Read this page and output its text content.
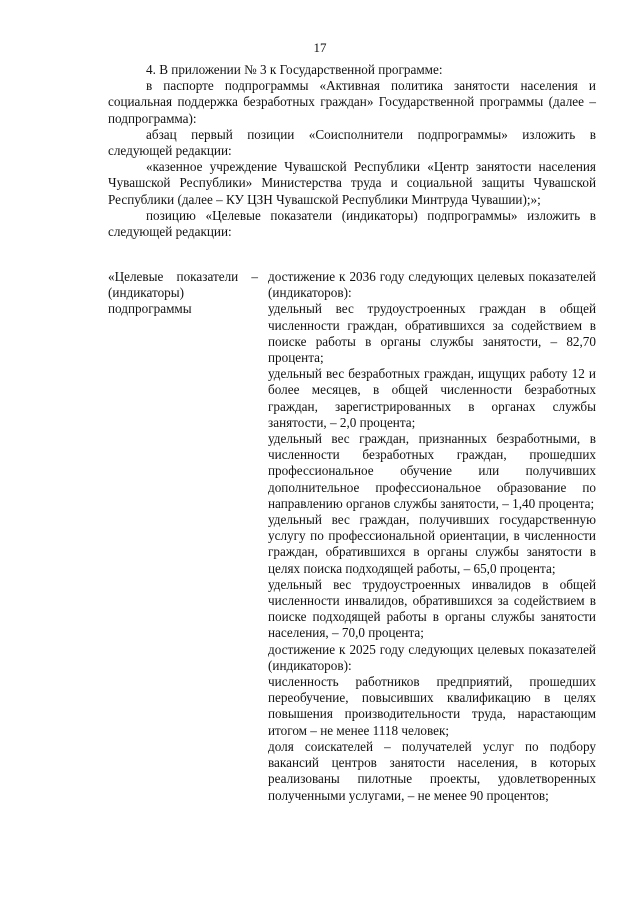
17

4. В приложении № 3 к Государственной программе:

в паспорте подпрограммы «Активная политика занятости населения и социальная поддержка безработных граждан» Государственной программы (далее – подпрограмма):

абзац первый позиции «Соисполнители подпрограммы» изложить в следующей редакции:

«казенное учреждение Чувашской Республики «Центр занятости населения Чувашской Республики» Министерства труда и социальной защиты Чувашской Республики (далее – КУ ЦЗН Чувашской Республики Минтруда Чувашии);»;

позицию «Целевые показатели (индикаторы) подпрограммы» изложить в следующей редакции:

«Целевые показатели – (индикаторы) подпрограммы

достижение к 2036 году следующих целевых показателей (индикаторов):

удельный вес трудоустроенных граждан в общей численности граждан, обратившихся за содействием в поиске работы в органы службы занятости, – 82,70 процента;

удельный вес безработных граждан, ищущих работу 12 и более месяцев, в общей численности безработных граждан, зарегистрированных в органах службы занятости, – 2,0 процента;

удельный вес граждан, признанных безработными, в численности безработных граждан, прошедших профессиональное обучение или получивших дополнительное профессиональное образование по направлению органов службы занятости, – 1,40 процента;

удельный вес граждан, получивших государственную услугу по профессиональной ориентации, в численности граждан, обратившихся в органы службы занятости в целях поиска подходящей работы, – 65,0 процента;

удельный вес трудоустроенных инвалидов в общей численности инвалидов, обратившихся за содействием в поиске подходящей работы в органы службы занятости населения, – 70,0 процента;

достижение к 2025 году следующих целевых показателей (индикаторов):

численность работников предприятий, прошедших переобучение, повысивших квалификацию в целях повышения производительности труда, нарастающим итогом – не менее 1118 человек;

доля соискателей – получателей услуг по подбору вакансий центров занятости населения, в которых реализованы пилотные проекты, удовлетворенных полученными услугами, – не менее 90 процентов;
